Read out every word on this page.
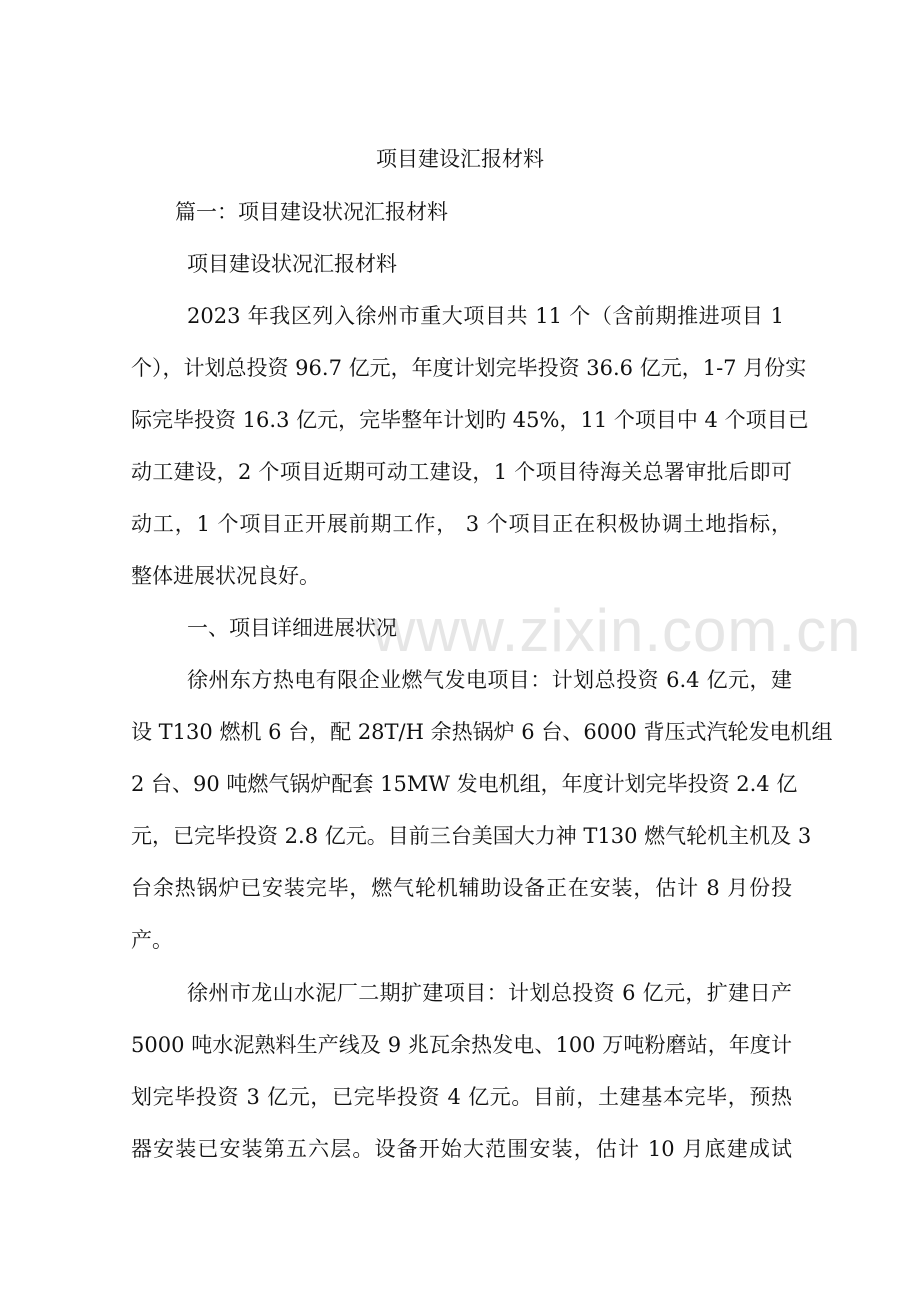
www.zixin.com.cn
项目建设汇报材料
篇一：项目建设状况汇报材料
项目建设状况汇报材料
2023 年我区列入徐州市重大项目共 11 个（含前期推进项目 1
个），计划总投资 96.7 亿元，年度计划完毕投资 36.6 亿元，1-7 月份实
际完毕投资 16.3 亿元，完毕整年计划旳 45%，11 个项目中 4 个项目已
动工建设，2 个项目近期可动工建设，1 个项目待海关总署审批后即可
动工，1 个项目正开展前期工作， 3 个项目正在积极协调土地指标，
整体进展状况良好。
一、项目详细进展状况
徐州东方热电有限企业燃气发电项目：计划总投资 6.4 亿元，建
设 T130 燃机 6 台，配 28T/H 余热锅炉 6 台、6000 背压式汽轮发电机组
2 台、90 吨燃气锅炉配套 15MW 发电机组，年度计划完毕投资 2.4 亿
元，已完毕投资 2.8 亿元。目前三台美国大力神 T130 燃气轮机主机及 3
台余热锅炉已安装完毕，燃气轮机辅助设备正在安装，估计 8 月份投
产。
徐州市龙山水泥厂二期扩建项目：计划总投资 6 亿元，扩建日产
5000 吨水泥熟料生产线及 9 兆瓦余热发电、100 万吨粉磨站，年度计
划完毕投资 3 亿元，已完毕投资 4 亿元。目前，土建基本完毕，预热
器安装已安装第五六层。设备开始大范围安装，估计 10 月底建成试
